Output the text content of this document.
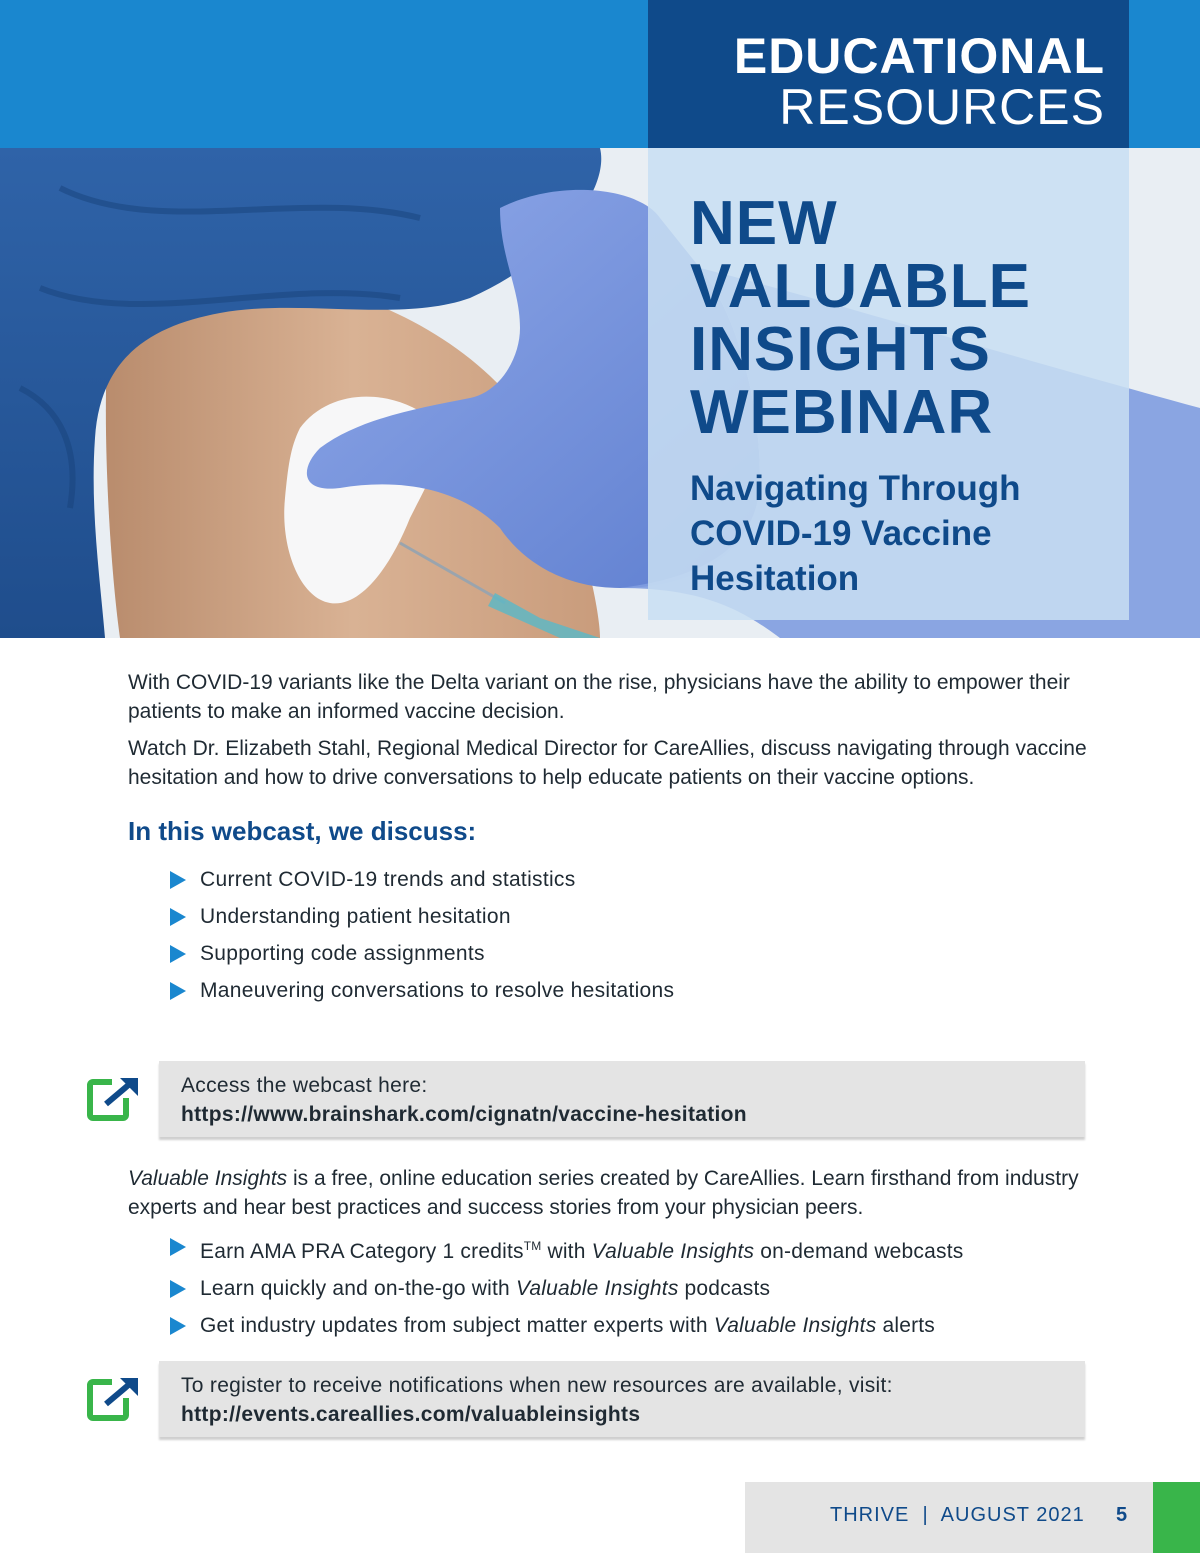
EDUCATIONAL
RESOURCES
NEW
VALUABLE
INSIGHTS
WEBINAR
Navigating Through COVID-19 Vaccine Hesitation

With COVID-19 variants like the Delta variant on the rise, physicians have the ability to empower their patients to make an informed vaccine decision.

Watch Dr. Elizabeth Stahl, Regional Medical Director for CareAllies, discuss navigating through vaccine hesitation and how to drive conversations to help educate patients on their vaccine options.

In this webcast, we discuss:
Current COVID-19 trends and statistics
Understanding patient hesitation
Supporting code assignments
Maneuvering conversations to resolve hesitations
Access the webcast here:
https://www.brainshark.com/cignatn/vaccine-hesitation

Valuable Insights is a free, online education series created by CareAllies. Learn firsthand from industry experts and hear best practices and success stories from your physician peers.

Earn AMA PRA Category 1 credits™ with Valuable Insights on-demand webcasts
Learn quickly and on-the-go with Valuable Insights podcasts
Get industry updates from subject matter experts with Valuable Insights alerts
To register to receive notifications when new resources are available, visit:
http://events.careallies.com/valuableinsights
THRIVE  |  AUGUST 2021 5
